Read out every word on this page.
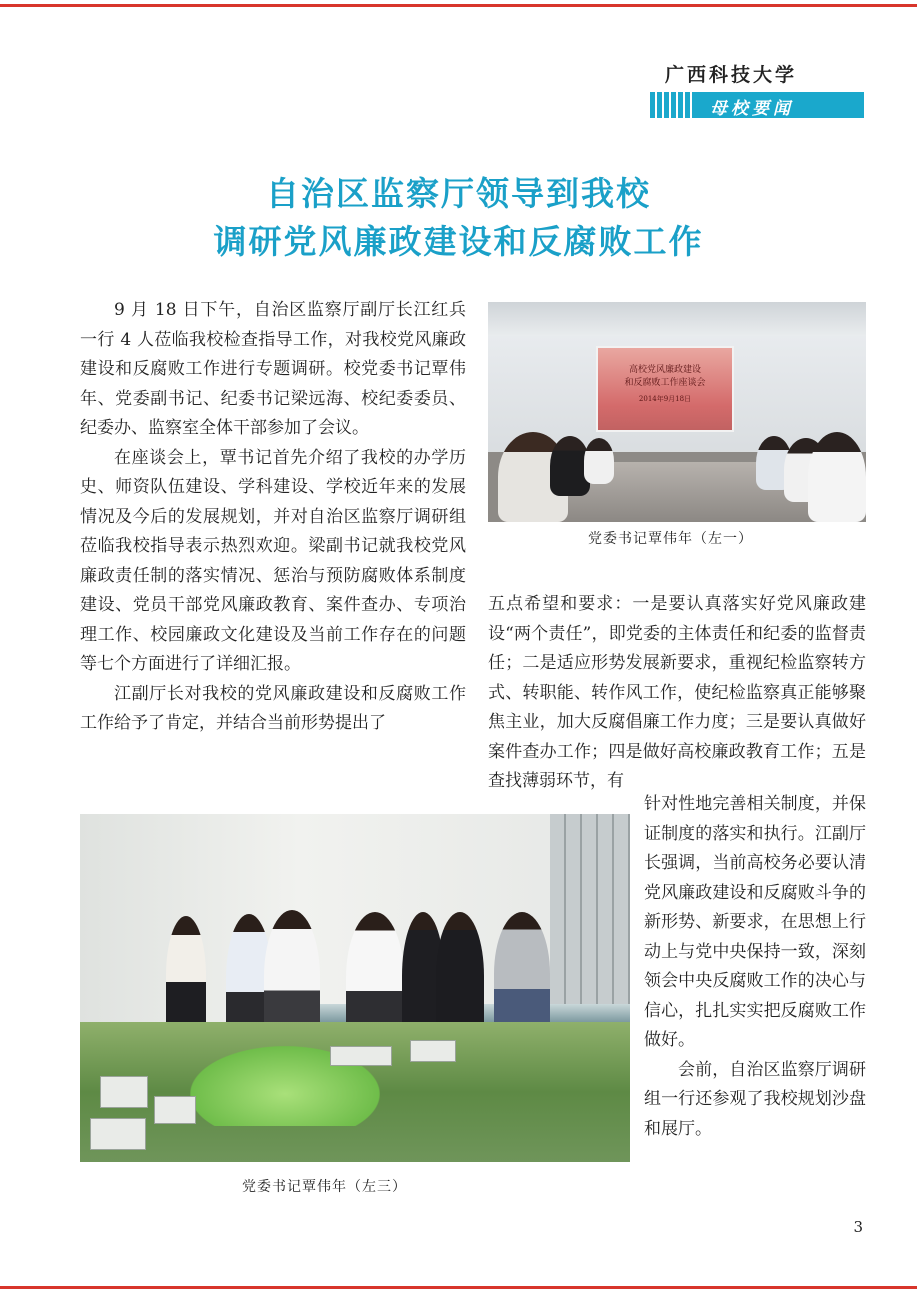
广西科技大学
母校要闻
自治区监察厅领导到我校
调研党风廉政建设和反腐败工作

9 月 18 日下午，自治区监察厅副厅长江红兵一行 4 人莅临我校检查指导工作，对我校党风廉政建设和反腐败工作进行专题调研。校党委书记覃伟年、党委副书记、纪委书记梁远海、校纪委委员、纪委办、监察室全体干部参加了会议。

在座谈会上，覃书记首先介绍了我校的办学历史、师资队伍建设、学科建设、学校近年来的发展情况及今后的发展规划，并对自治区监察厅调研组莅临我校指导表示热烈欢迎。梁副书记就我校党风廉政责任制的落实情况、惩治与预防腐败体系制度建设、党员干部党风廉政教育、案件查办、专项治理工作、校园廉政文化建设及当前工作存在的问题等七个方面进行了详细汇报。

江副厅长对我校的党风廉政建设和反腐败工作工作给予了肯定，并结合当前形势提出了

高校党风廉政建设
和反腐败工作座谈会
2014年9月18日
党委书记覃伟年（左一）

五点希望和要求：一是要认真落实好党风廉政建设“两个责任”，即党委的主体责任和纪委的监督责任；二是适应形势发展新要求，重视纪检监察转方式、转职能、转作风工作，使纪检监察真正能够聚焦主业，加大反腐倡廉工作力度；三是要认真做好案件查办工作；四是做好高校廉政教育工作；五是查找薄弱环节，有

党委书记覃伟年（左三）

针对性地完善相关制度，并保证制度的落实和执行。江副厅长强调，当前高校务必要认清党风廉政建设和反腐败斗争的新形势、新要求，在思想上行动上与党中央保持一致，深刻领会中央反腐败工作的决心与信心，扎扎实实把反腐败工作做好。

会前，自治区监察厅调研组一行还参观了我校规划沙盘和展厅。

3
